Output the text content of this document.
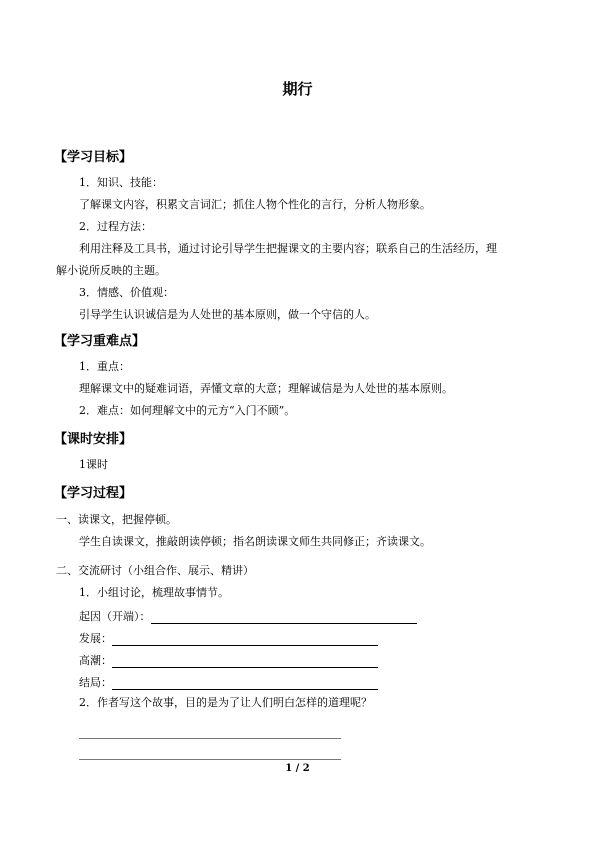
期行
【学习目标】
1．知识、技能：
了解课文内容，积累文言词汇；抓住人物个性化的言行，分析人物形象。
2．过程方法：
利用注释及工具书，通过讨论引导学生把握课文的主要内容；联系自己的生活经历，理
解小说所反映的主题。
3．情感、价值观：
引导学生认识诚信是为人处世的基本原则，做一个守信的人。
【学习重难点】
1．重点：
理解课文中的疑难词语，弄懂文章的大意；理解诚信是为人处世的基本原则。
2．难点：如何理解文中的元方“入门不顾”。
【课时安排】
1课时
【学习过程】
一、读课文，把握停顿。
学生自读课文，推敲朗读停顿；指名朗读课文师生共同修正；齐读课文。
二、交流研讨（小组合作、展示、精讲）
1．小组讨论，梳理故事情节。
起因（开端）：
发展：
高潮：
结局：
2．作者写这个故事，目的是为了让人们明白怎样的道理呢？
1 / 2
